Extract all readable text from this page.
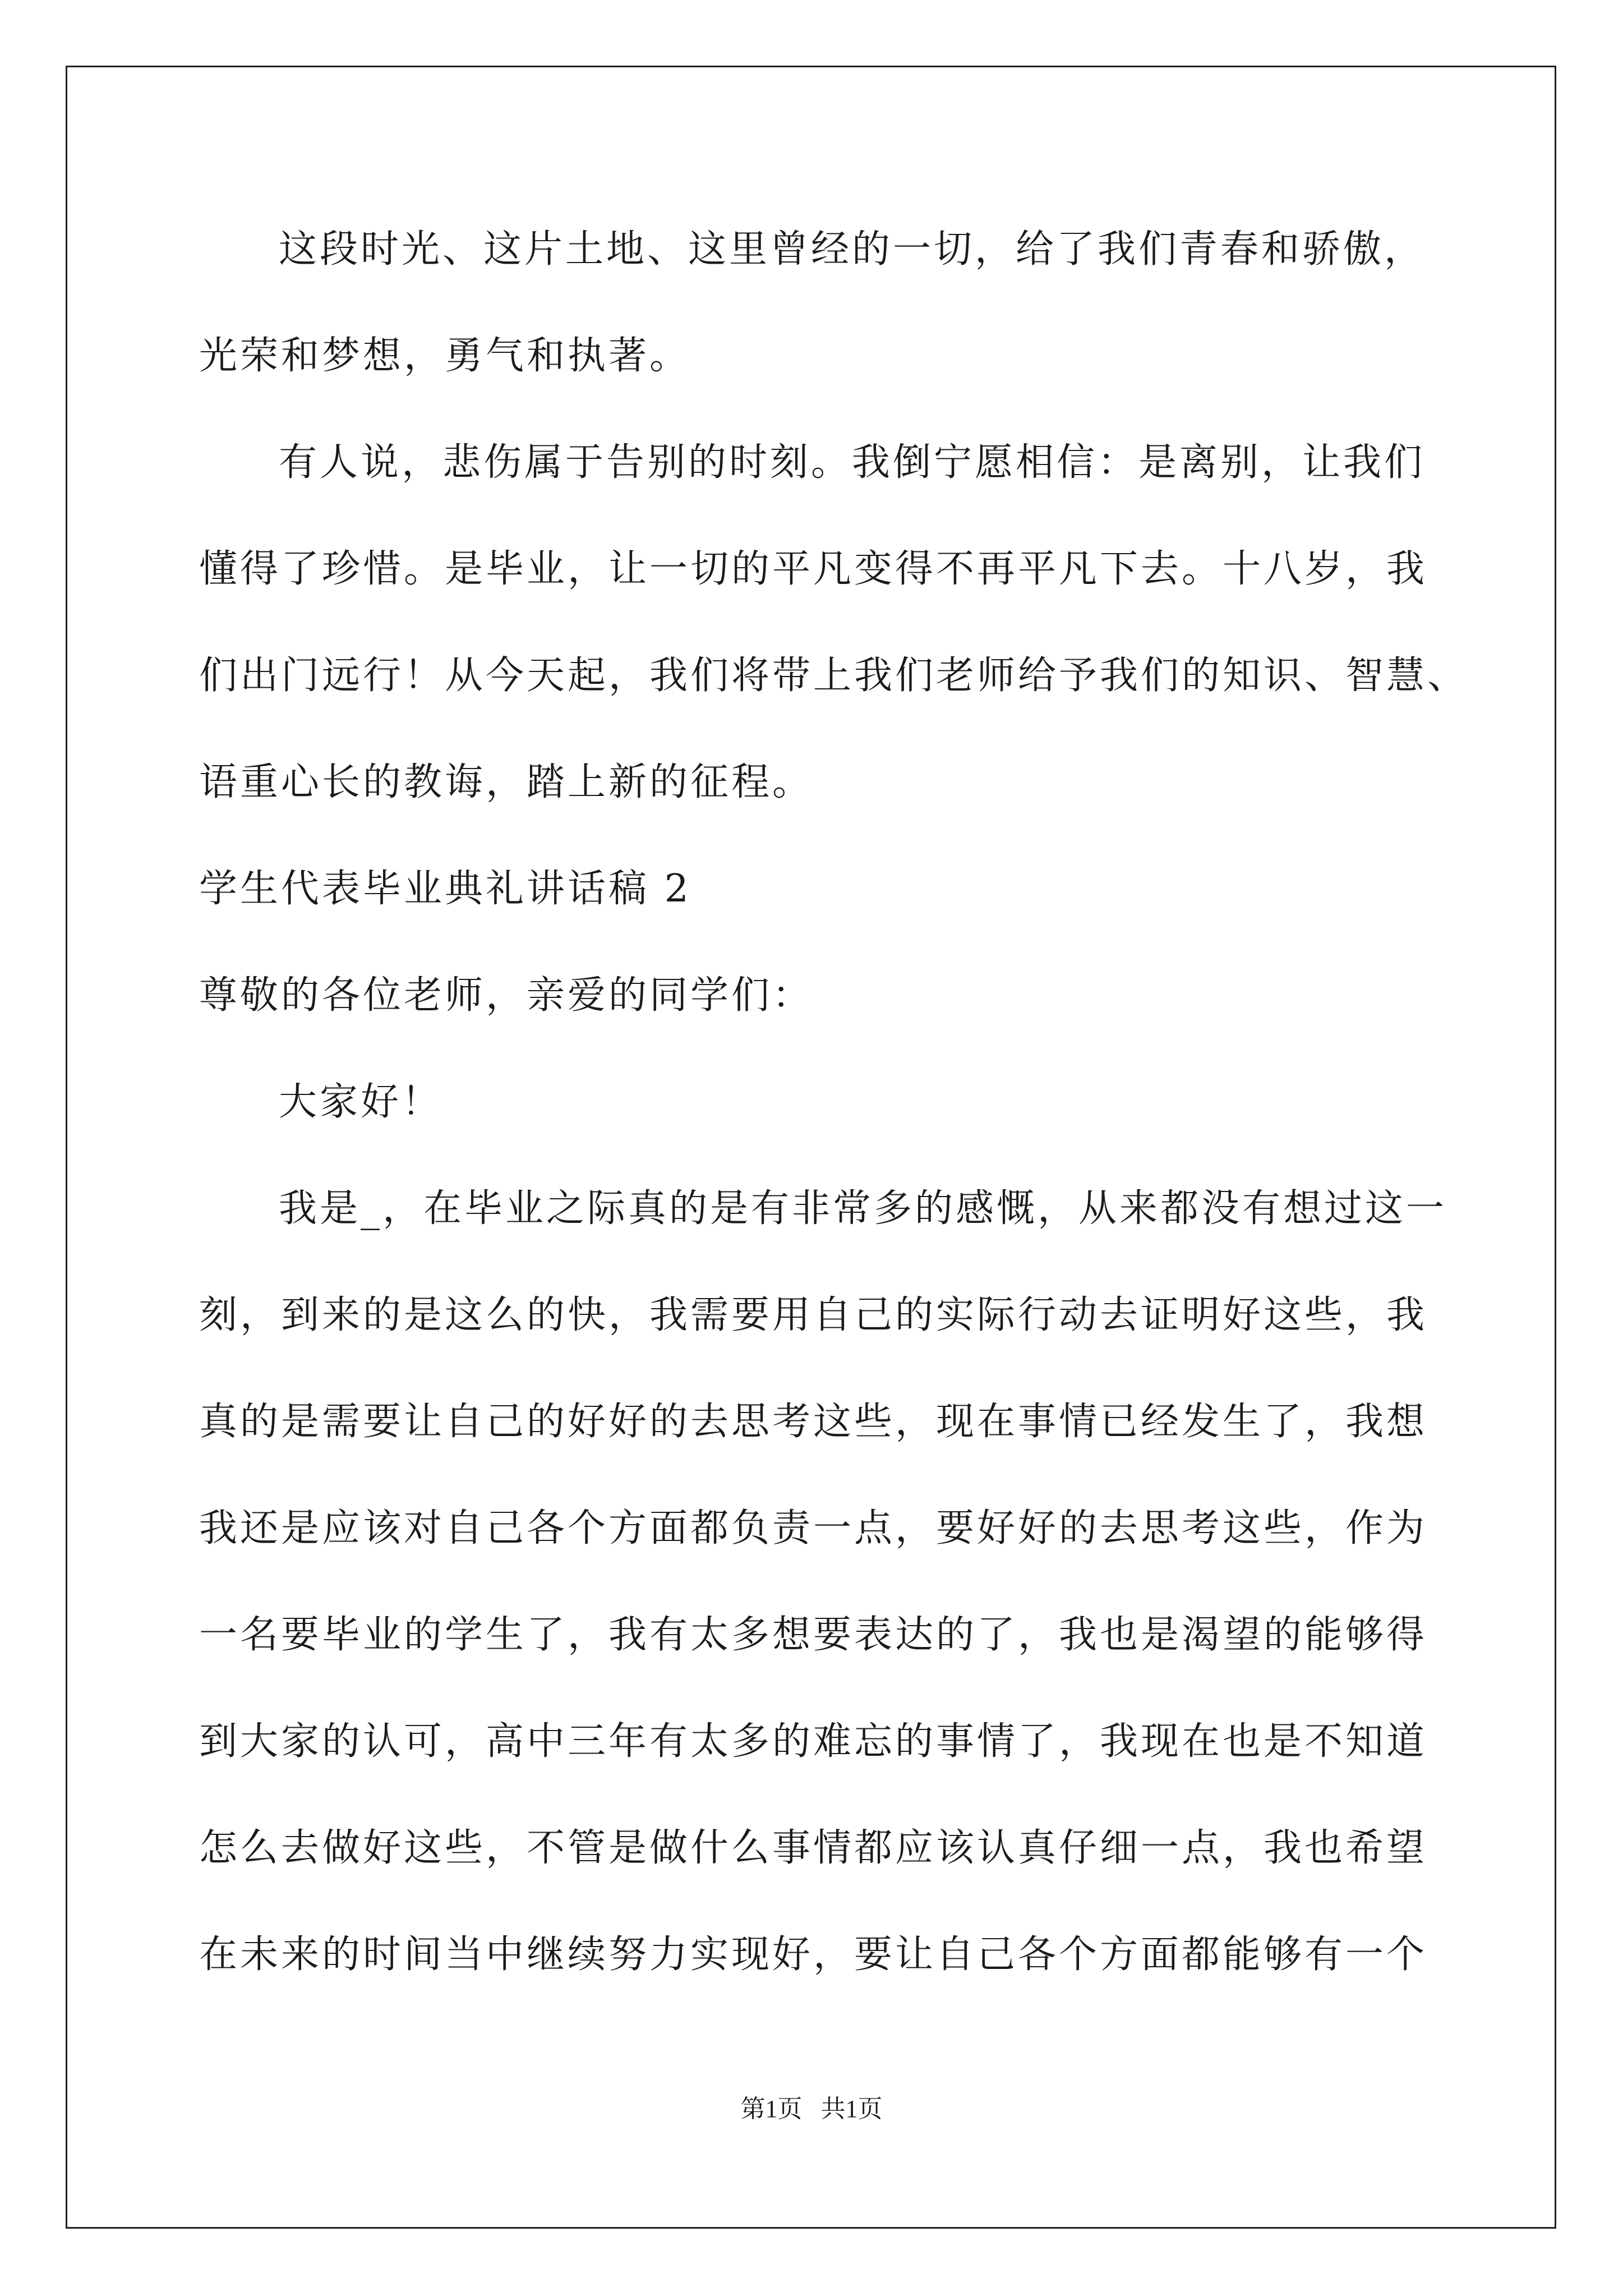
这段时光、这片土地、这里曾经的一切，给了我们青春和骄傲，
光荣和梦想，勇气和执著。
有人说，悲伤属于告别的时刻。我倒宁愿相信：是离别，让我们
懂得了珍惜。是毕业，让一切的平凡变得不再平凡下去。十八岁，我
们出门远行！从今天起，我们将带上我们老师给予我们的知识、智慧、
语重心长的教诲，踏上新的征程。
学生代表毕业典礼讲话稿 2
尊敬的各位老师，亲爱的同学们：
大家好！
我是_，在毕业之际真的是有非常多的感慨，从来都没有想过这一
刻，到来的是这么的快，我需要用自己的实际行动去证明好这些，我
真的是需要让自己的好好的去思考这些，现在事情已经发生了，我想
我还是应该对自己各个方面都负责一点，要好好的去思考这些，作为
一名要毕业的学生了，我有太多想要表达的了，我也是渴望的能够得
到大家的认可，高中三年有太多的难忘的事情了，我现在也是不知道
怎么去做好这些，不管是做什么事情都应该认真仔细一点，我也希望
在未来的时间当中继续努力实现好，要让自己各个方面都能够有一个
第1页   共1页
